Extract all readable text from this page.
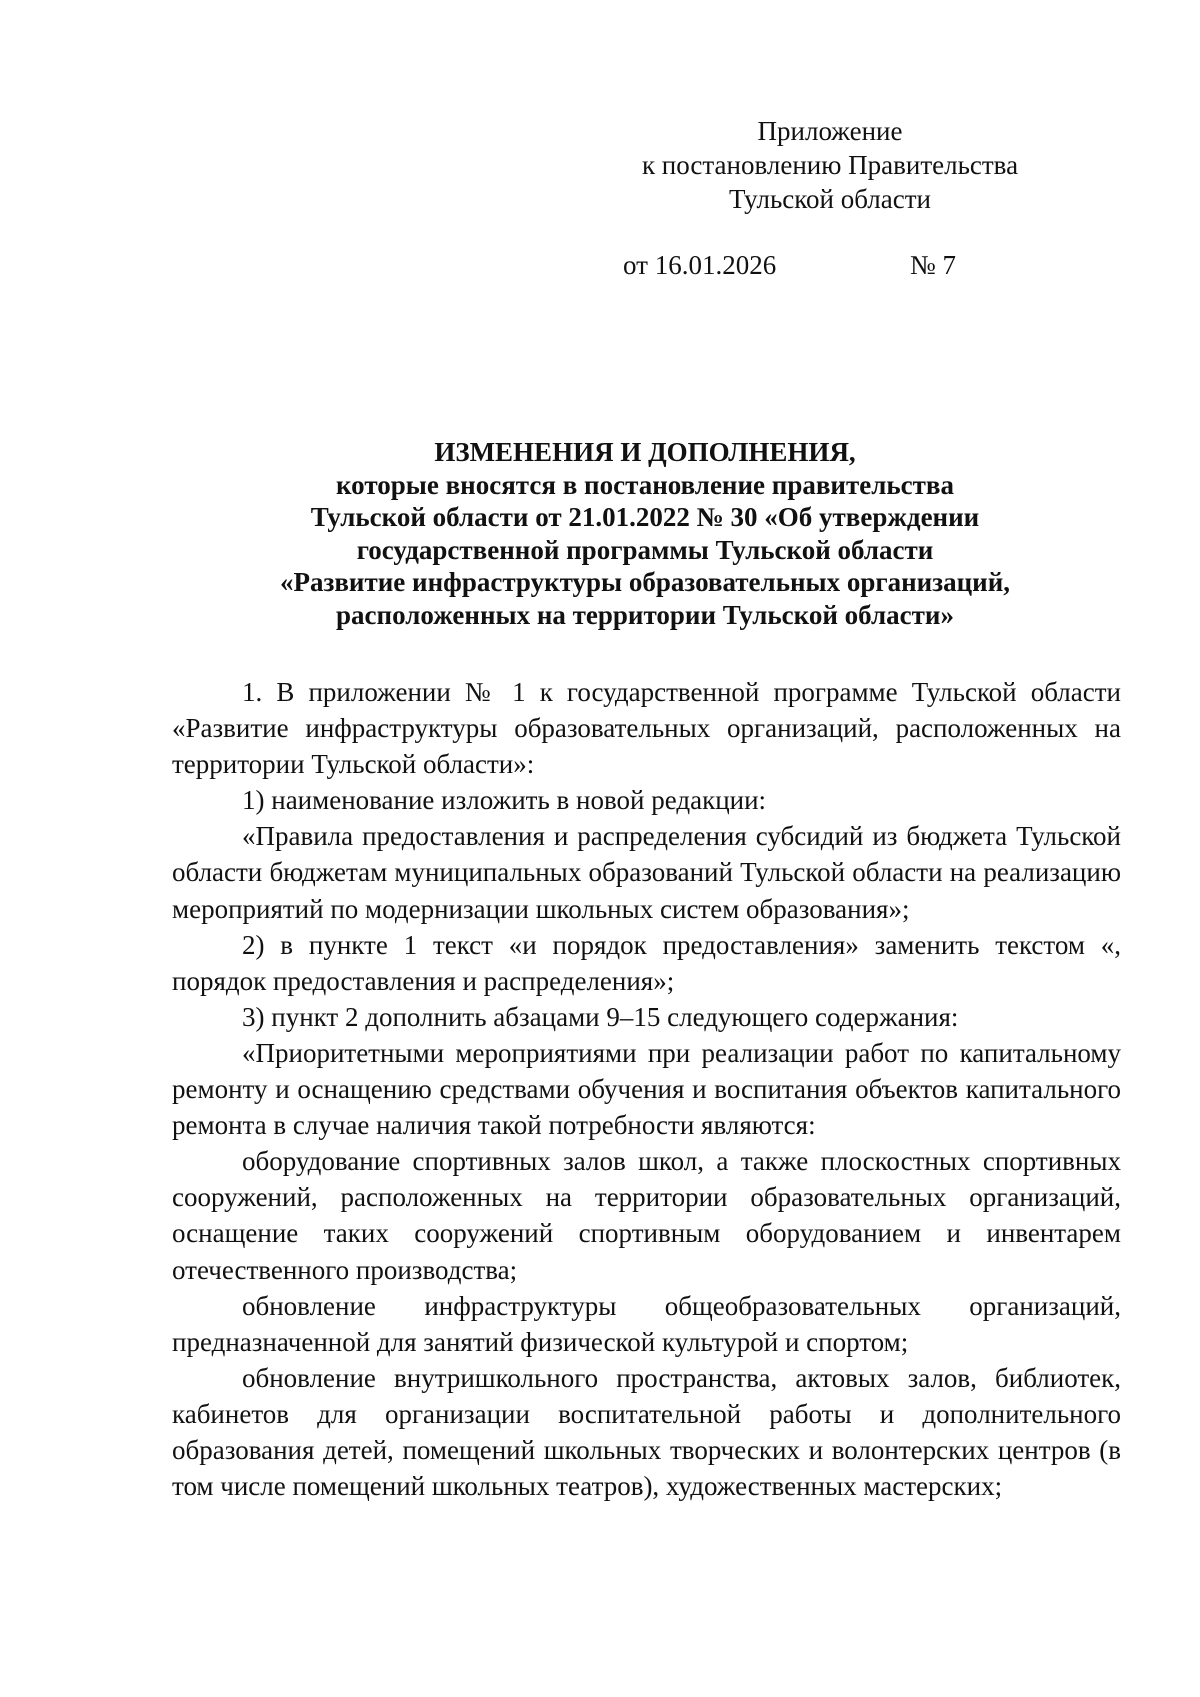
Приложение
к постановлению Правительства
Тульской области
от 16.01.2026	№ 7
ИЗМЕНЕНИЯ И ДОПОЛНЕНИЯ,
которые вносятся в постановление правительства
Тульской области от 21.01.2022 № 30 «Об утверждении
государственной программы Тульской области
«Развитие инфраструктуры образовательных организаций,
расположенных на территории Тульской области»

1. В приложении № 1 к государственной программе Тульской области «Развитие инфраструктуры образовательных организаций, расположенных на территории Тульской области»:

1) наименование изложить в новой редакции:

«Правила предоставления и распределения субсидий из бюджета Тульской области бюджетам муниципальных образований Тульской области на реализацию мероприятий по модернизации школьных систем образования»;

2) в пункте 1 текст «и порядок предоставления» заменить текстом «, порядок предоставления и распределения»;

3) пункт 2 дополнить абзацами 9–15 следующего содержания:

«Приоритетными мероприятиями при реализации работ по капитальному ремонту и оснащению средствами обучения и воспитания объектов капитального ремонта в случае наличия такой потребности являются:

оборудование спортивных залов школ, а также плоскостных спортивных сооружений, расположенных на территории образовательных организаций, оснащение таких сооружений спортивным оборудованием и инвентарем отечественного производства;

обновление инфраструктуры общеобразовательных организаций, предназначенной для занятий физической культурой и спортом;

обновление внутришкольного пространства, актовых залов, библиотек, кабинетов для организации воспитательной работы и дополнительного образования детей, помещений школьных творческих и волонтерских центров (в том числе помещений школьных театров), художественных мастерских;
